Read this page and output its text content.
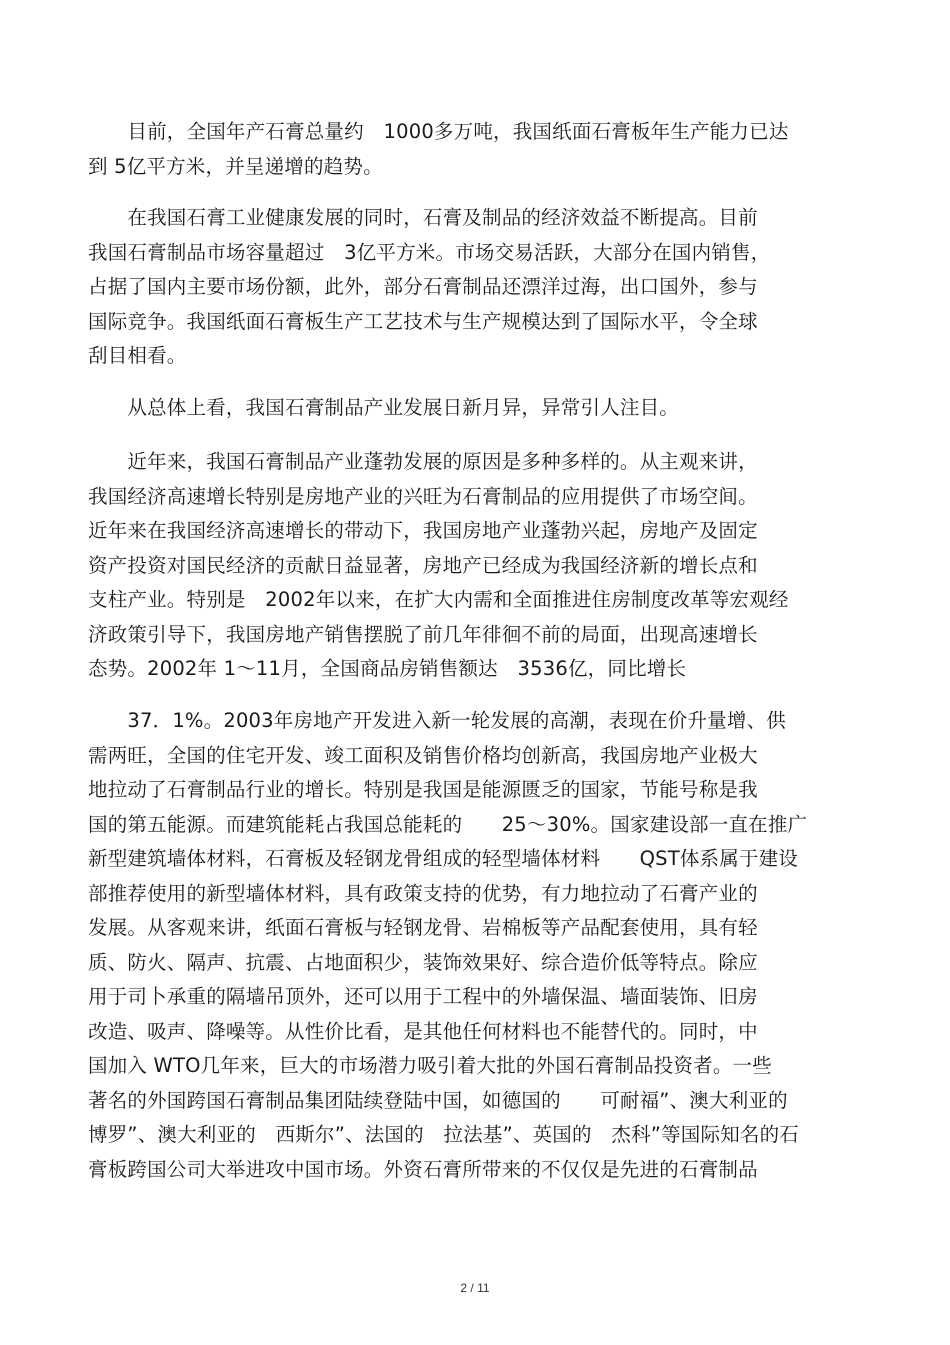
　　目前，全国年产石膏总量约　1000多万吨，我国纸面石膏板年生产能力已达
到 5亿平方米，并呈递增的趋势。
　　在我国石膏工业健康发展的同时，石膏及制品的经济效益不断提高。目前
我国石膏制品市场容量超过　3亿平方米。市场交易活跃，大部分在国内销售，
占据了国内主要市场份额，此外，部分石膏制品还漂洋过海，出口国外，参与
国际竞争。我国纸面石膏板生产工艺技术与生产规模达到了国际水平，令全球
刮目相看。
　　从总体上看，我国石膏制品产业发展日新月异，异常引人注目。
　　近年来，我国石膏制品产业蓬勃发展的原因是多种多样的。从主观来讲，
我国经济高速增长特别是房地产业的兴旺为石膏制品的应用提供了市场空间。
近年来在我国经济高速增长的带动下，我国房地产业蓬勃兴起，房地产及固定
资产投资对国民经济的贡献日益显著，房地产已经成为我国经济新的增长点和
支柱产业。特别是　2002年以来，在扩大内需和全面推进住房制度改革等宏观经
济政策引导下，我国房地产销售摆脱了前几年徘徊不前的局面，出现高速增长
态势。2002年 1～11月，全国商品房销售额达　3536亿，同比增长
　　37．1%。2003年房地产开发进入新一轮发展的高潮，表现在价升量增、供
需两旺，全国的住宅开发、竣工面积及销售价格均创新高，我国房地产业极大
地拉动了石膏制品行业的增长。特别是我国是能源匮乏的国家，节能号称是我
国的第五能源。而建筑能耗占我国总能耗的　　25～30%。国家建设部一直在推广
新型建筑墙体材料，石膏板及轻钢龙骨组成的轻型墙体材料　　QST体系属于建设
部推荐使用的新型墙体材料，具有政策支持的优势，有力地拉动了石膏产业的
发展。从客观来讲，纸面石膏板与轻钢龙骨、岩棉板等产品配套使用，具有轻
质、防火、隔声、抗震、占地面积少，装饰效果好、综合造价低等特点。除应
用于司卜承重的隔墙吊顶外，还可以用于工程中的外墙保温、墙面装饰、旧房
改造、吸声、降噪等。从性价比看，是其他任何材料也不能替代的。同时，中
国加入 WTO几年来，巨大的市场潜力吸引着大批的外国石膏制品投资者。一些
著名的外国跨国石膏制品集团陆续登陆中国，如德国的　　可耐福”、澳大利亚的
博罗”、澳大利亚的　西斯尔”、法国的　拉法基”、英国的　杰科”等国际知名的石
膏板跨国公司大举进攻中国市场。外资石膏所带来的不仅仅是先进的石膏制品
2 / 11
